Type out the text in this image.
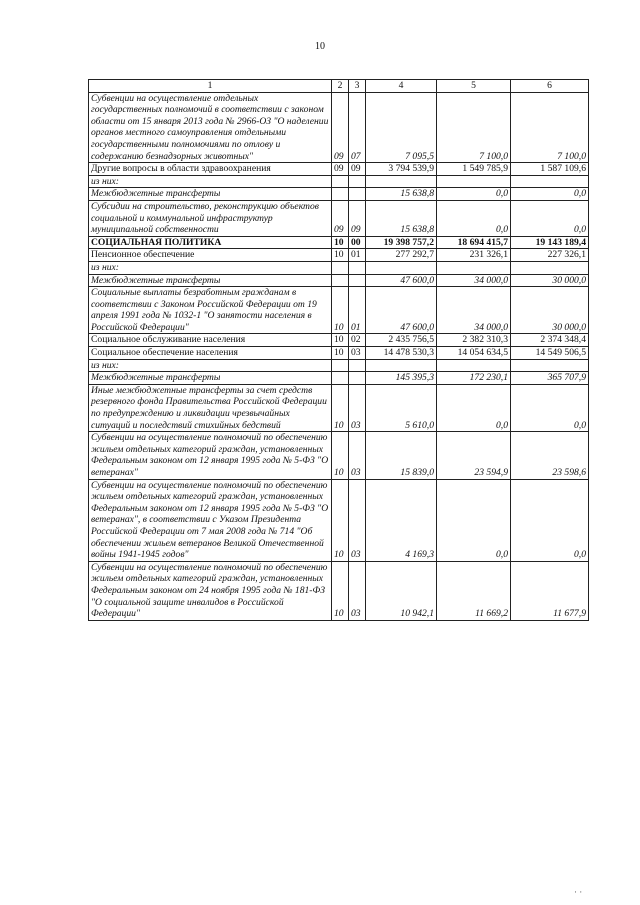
10
1	2	3	4	5	6
Субвенции на осуществление отдельных государственных полномочий в соответствии с законом области от 15 января 2013 года № 2966-ОЗ "О наделении органов местного самоуправления отдельными государственными полномочиями по отлову и содержанию безнадзорных животных"	09	07	7 095,5	7 100,0	7 100,0
Другие вопросы в области здравоохранения	09	09	3 794 539,9	1 549 785,9	1 587 109,6
из них:					
Межбюджетные трансферты			15 638,8	0,0	0,0
Субсидии на строительство, реконструкцию объектов социальной и коммунальной инфраструктур муниципальной собственности	09	09	15 638,8	0,0	0,0
СОЦИАЛЬНАЯ ПОЛИТИКА	10	00	19 398 757,2	18 694 415,7	19 143 189,4
Пенсионное обеспечение	10	01	277 292,7	231 326,1	227 326,1
из них:					
Межбюджетные трансферты			47 600,0	34 000,0	30 000,0
Социальные выплаты безработным гражданам в соответствии с Законом Российской Федерации от 19 апреля 1991 года № 1032-1 "О занятости населения в Российской Федерации"	10	01	47 600,0	34 000,0	30 000,0
Социальное обслуживание населения	10	02	2 435 756,5	2 382 310,3	2 374 348,4
Социальное обеспечение населения	10	03	14 478 530,3	14 054 634,5	14 549 506,5
из них:					
Межбюджетные трансферты			145 395,3	172 230,1	365 707,9
Иные межбюджетные трансферты за счет средств резервного фонда Правительства Российской Федерации по предупреждению и ликвидации чрезвычайных ситуаций и последствий стихийных бедствий	10	03	5 610,0	0,0	0,0
Субвенции на осуществление полномочий по обеспечению жильем отдельных категорий граждан, установленных Федеральным законом от 12 января 1995 года № 5-ФЗ "О ветеранах"	10	03	15 839,0	23 594,9	23 598,6
Субвенции на осуществление полномочий по обеспечению жильем отдельных категорий граждан, установленных Федеральным законом от 12 января 1995 года № 5-ФЗ "О ветеранах", в соответствии с Указом Президента Российской Федерации от 7 мая 2008 года № 714 "Об обеспечении жильем ветеранов Великой Отечественной войны 1941-1945 годов"	10	03	4 169,3	0,0	0,0
Субвенции на осуществление полномочий по обеспечению жильем отдельных категорий граждан, установленных Федеральным законом от 24 ноября 1995 года № 181-ФЗ "О социальной защите инвалидов в Российской Федерации"	10	03	10 942,1	11 669,2	11 677,9
· ·
